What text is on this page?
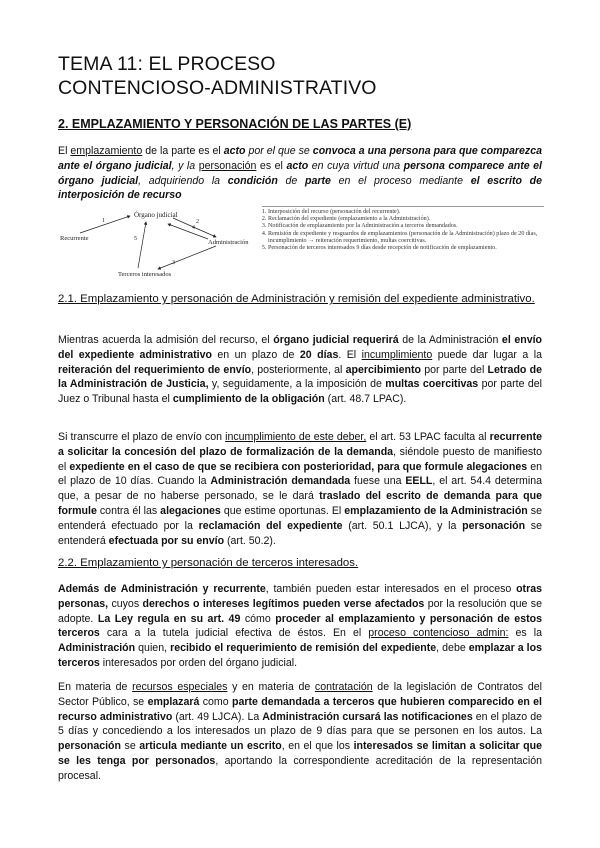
TEMA 11: EL PROCESO
CONTENCIOSO-ADMINISTRATIVO
2. EMPLAZAMIENTO Y PERSONACIÓN DE LAS PARTES (E)
El emplazamiento de la parte es el acto por el que se convoca a una persona para que comparezca ante el órgano judicial, y la personación es el acto en cuya virtud una persona comparece ante el órgano judicial, adquiriendo la condición de parte en el proceso mediante el escrito de interposición de recurso
Órgano judicial
Recurrente
Administración
Terceros interesados
1	2
3
4
5
1. Interposición del recurso (personación del recurrente).
2. Reclamación del expediente (emplazamiento a la Administración).
3. Notificación de emplazamiento por la Administración a terceros demandados.
4. Remisión de expediente y resguardos de emplazamientos (personación de la Administración) plazo de 20 días, incumplimiento → reiteración requerimiento, multas coercitivas.
5. Personación de terceros interesados 9 días desde recepción de notificación de emplazamiento.
2.1. Emplazamiento y personación de Administración y remisión del expediente administrativo.
Mientras acuerda la admisión del recurso, el órgano judicial requerirá de la Administración el envío del expediente administrativo en un plazo de 20 días. El incumplimiento puede dar lugar a la reiteración del requerimiento de envío, posteriormente, al apercibimiento por parte del Letrado de la Administración de Justicia, y, seguidamente, a la imposición de multas coercitivas por parte del Juez o Tribunal hasta el cumplimiento de la obligación (art. 48.7 LPAC).
Si transcurre el plazo de envío con incumplimiento de este deber, el art. 53 LPAC faculta al recurrente a solicitar la concesión del plazo de formalización de la demanda, siéndole puesto de manifiesto el expediente en el caso de que se recibiera con posterioridad, para que formule alegaciones en el plazo de 10 días. Cuando la Administración demandada fuese una EELL, el art. 54.4 determina que, a pesar de no haberse personado, se le dará traslado del escrito de demanda para que formule contra él las alegaciones que estime oportunas. El emplazamiento de la Administración se entenderá efectuado por la reclamación del expediente (art. 50.1 LJCA), y la personación se entenderá efectuada por su envío (art. 50.2).
2.2. Emplazamiento y personación de terceros interesados.
Además de Administración y recurrente, también pueden estar interesados en el proceso otras personas, cuyos derechos o intereses legítimos pueden verse afectados por la resolución que se adopte. La Ley regula en su art. 49 cómo proceder al emplazamiento y personación de estos terceros cara a la tutela judicial efectiva de éstos. En el proceso contencioso admin: es la Administración quien, recibido el requerimiento de remisión del expediente, debe emplazar a los terceros interesados por orden del órgano judicial.
En materia de recursos especiales y en materia de contratación de la legislación de Contratos del Sector Público, se emplazará como parte demandada a terceros que hubieren comparecido en el recurso administrativo (art. 49 LJCA). La Administración cursará las notificaciones en el plazo de 5 días y concediendo a los interesados un plazo de 9 días para que se personen en los autos. La personación se articula mediante un escrito, en el que los interesados se limitan a solicitar que se les tenga por personados, aportando la correspondiente acreditación de la representación procesal.
